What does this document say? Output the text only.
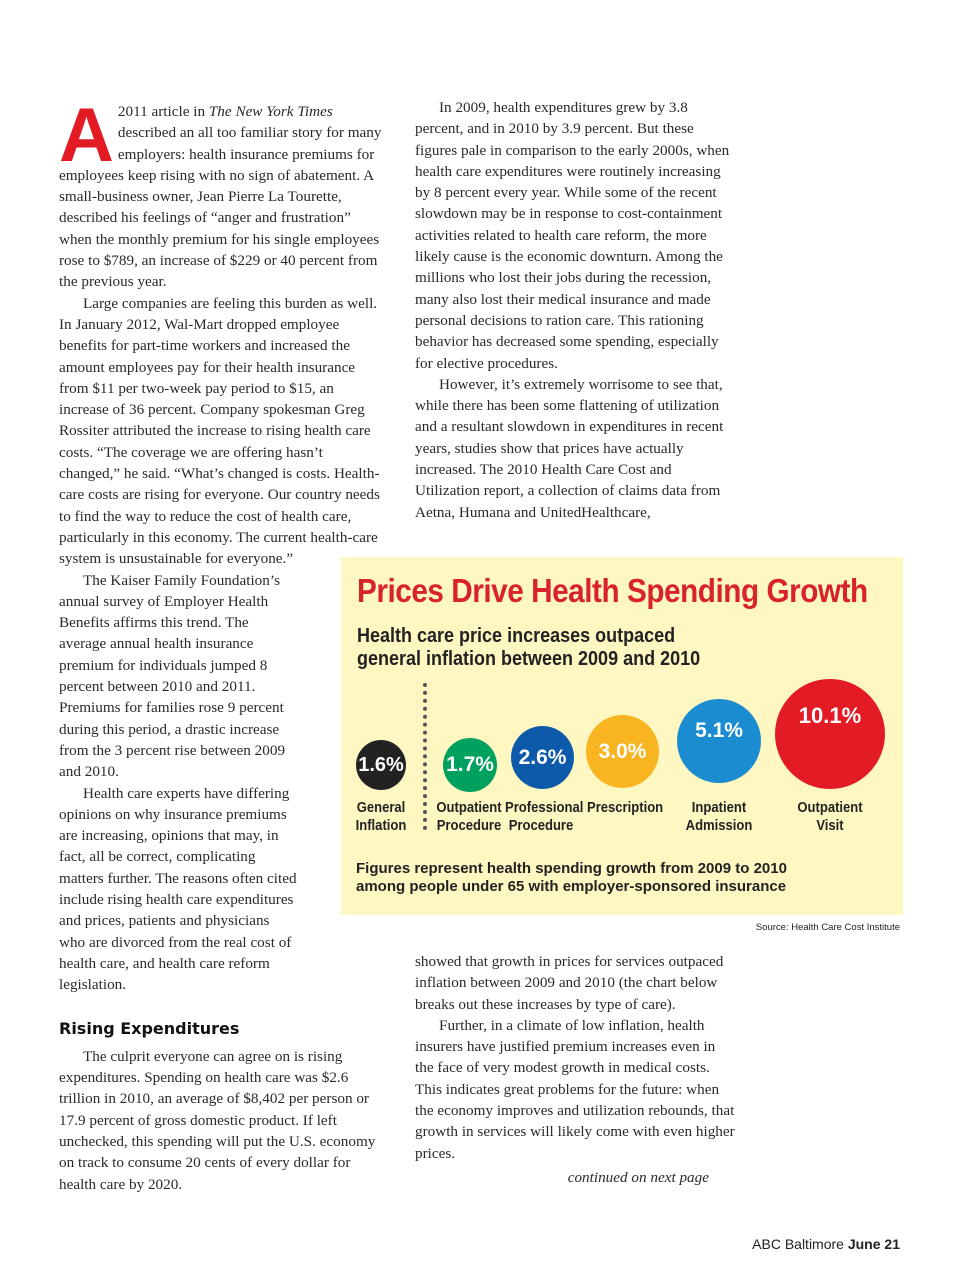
A 2011 article in The New York Times described an all too familiar story for many employers: health insurance premiums for employees keep rising with no sign of abatement. A small-business owner, Jean Pierre La Tourette, described his feelings of “anger and frustration” when the monthly premium for his single employees rose to $789, an increase of $229 or 40 percent from the previous year.

Large companies are feeling this burden as well. In January 2012, Wal-Mart dropped employee benefits for part-time workers and increased the amount employees pay for their health insurance from $11 per two-week pay period to $15, an increase of 36 percent. Company spokesman Greg Rossiter attributed the increase to rising health care costs. “The coverage we are offering hasn’t changed,” he said. “What’s changed is costs. Health-care costs are rising for everyone. Our country needs to find the way to reduce the cost of health care, particularly in this economy. The current health-care system is unsustainable for everyone.”

The Kaiser Family Foundation’s annual survey of Employer Health Benefits affirms this trend. The average annual health insurance premium for individuals jumped 8 percent between 2010 and 2011. Premiums for families rose 9 percent during this period, a drastic increase from the 3 percent rise between 2009 and 2010.

Health care experts have differing opinions on why insurance premiums are increasing, opinions that may, in fact, all be correct, complicating matters further. The reasons often cited include rising health care expenditures and prices, patients and physicians who are divorced from the real cost of health care, and health care reform legislation.

Rising Expenditures

The culprit everyone can agree on is rising expenditures. Spending on health care was $2.6 trillion in 2010, an average of $8,402 per person or 17.9 percent of gross domestic product. If left unchecked, this spending will put the U.S. economy on track to consume 20 cents of every dollar for health care by 2020.

In 2009, health expenditures grew by 3.8 percent, and in 2010 by 3.9 percent. But these figures pale in comparison to the early 2000s, when health care expenditures were routinely increasing by 8 percent every year. While some of the recent slowdown may be in response to cost-containment activities related to health care reform, the more likely cause is the economic downturn. Among the millions who lost their jobs during the recession, many also lost their medical insurance and made personal decisions to ration care. This rationing behavior has decreased some spending, especially for elective procedures.

However, it’s extremely worrisome to see that, while there has been some flattening of utilization and a resultant slowdown in expenditures in recent years, studies show that prices have actually increased. The 2010 Health Care Cost and Utilization report, a collection of claims data from Aetna, Humana and UnitedHealthcare,

Prices Drive Health Spending Growth
Health care price increases outpaced general inflation between 2009 and 2010
1.6% 1.7%	2.6%	3.0%
5.1%
10.1%
General
Inflation
Outpatient
Procedure
Professional
Procedure
Prescription	Inpatient
Admission
Outpatient
Visit
Figures represent health spending growth from 2009 to 2010 among people under 65 with employer-sponsored insurance
Source: Health Care Cost Institute

showed that growth in prices for services outpaced inflation between 2009 and 2010 (the chart below breaks out these increases by type of care).

Further, in a climate of low inflation, health insurers have justified premium increases even in the face of very modest growth in medical costs. This indicates great problems for the future: when the economy improves and utilization rebounds, that growth in services will likely come with even higher prices.

continued on next page

ABC Baltimore June 21
